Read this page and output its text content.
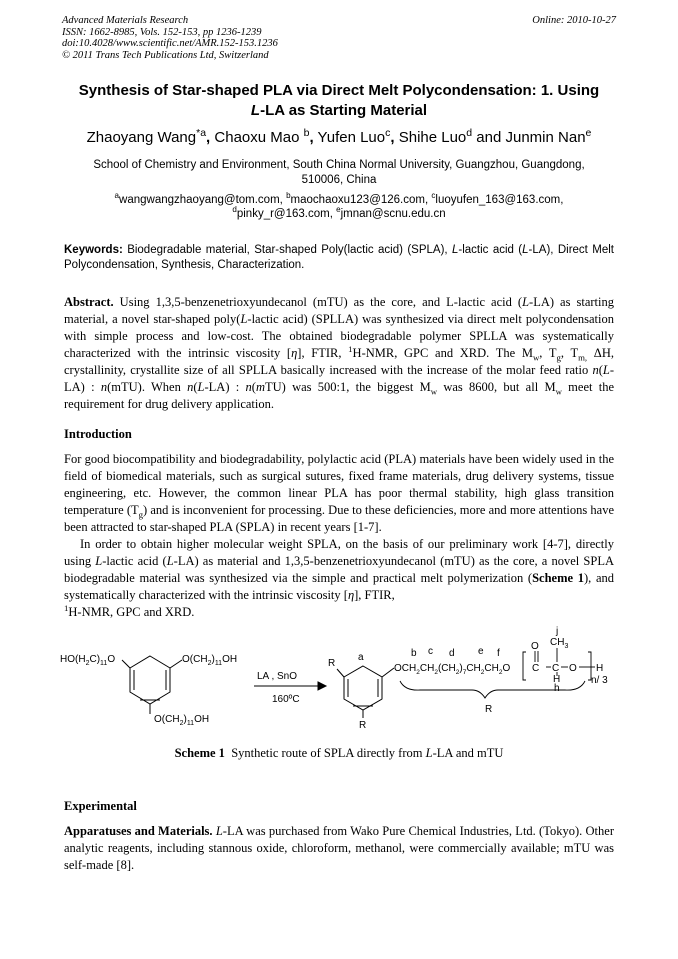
Advanced Materials Research
ISSN: 1662-8985, Vols. 152-153, pp 1236-1239
doi:10.4028/www.scientific.net/AMR.152-153.1236
© 2011 Trans Tech Publications Ltd, Switzerland
Online: 2010-10-27
Synthesis of Star-shaped PLA via Direct Melt Polycondensation: 1. Using
L-LA as Starting Material
Zhaoyang Wang$^{*a}$, Chaoxu Mao $^b$, Yufen Luo$^c$, Shihe Luo$^d$ and Junmin Nan$^e$
School of Chemistry and Environment, South China Normal University, Guangzhou, Guangdong,
510006, China
$^a$wangwangzhaoyang@tom.com, $^b$maochaoxu123@126.com, $^c$luoyufen_163@163.com,
$^d$pinky_r@163.com, $^e$jmnan@scnu.edu.cn
Keywords: Biodegradable material, Star-shaped Poly(lactic acid) (SPLA), L-lactic acid (L-LA), Direct Melt Polycondensation, Synthesis, Characterization.
Abstract. Using 1,3,5-benzenetrioxyundecanol (mTU) as the core, and L-lactic acid (L-LA) as starting material, a novel star-shaped poly(L-lactic acid) (SPLLA) was synthesized via direct melt polycondensation with simple process and low-cost. The obtained biodegradable polymer SPLLA was systematically characterized with the intrinsic viscosity [η], FTIR, $^1$H-NMR, GPC and XRD. The $M_w$, $T_g$, $T_{m,}$ ΔH, crystallinity, crystallite size of all SPLLA basically increased with the increase of the molar feed ratio n(L-LA) : n(mTU). When n(L-LA) : n(mTU) was 500:1, the biggest $M_w$ was 8600, but all $M_w$ meet the requirement for drug delivery application.
Introduction

For good biocompatibility and biodegradability, polylactic acid (PLA) materials have been widely used in the field of biomedical materials, such as surgical sutures, fixed frame materials, drug delivery systems, tissue engineering, etc. However, the common linear PLA has poor thermal stability, high glass transition temperature $(T_g)$ and is inconvenient for processing. Due to these deficiencies, more and more attentions have been attracted to star-shaped PLA (SPLA) in recent years [1-7].

In order to obtain higher molecular weight SPLA, on the basis of our preliminary work [4-7], directly using L-lactic acid (L-LA) as material and 1,3,5-benzenetrioxyundecanol (mTU) as the core, a novel SPLA biodegradable material was synthesized via the simple and practical melt polymerization (Scheme 1), and systematically characterized with the intrinsic viscosity [η], FTIR,
$^1$H-NMR, GPC and XRD.

$HO(H_2C)_{11}O$	$O(CH_2)_{11}OH$
$O(CH_2)_{11}OH$
LA , SnO
160ºC
R
R
a	b c d e f
j
$OCH_2CH_2(CH_2)_7CH_2CH_2O$
O $CH_3$
C C O H
H
h
n/ 3
R
Scheme 1 Synthetic route of SPLA directly from L-LA and mTU
Experimental
Apparatuses and Materials. L-LA was purchased from Wako Pure Chemical Industries, Ltd. (Tokyo). Other analytic reagents, including stannous oxide, chloroform, methanol, were commercially available; mTU was self-made [8].
